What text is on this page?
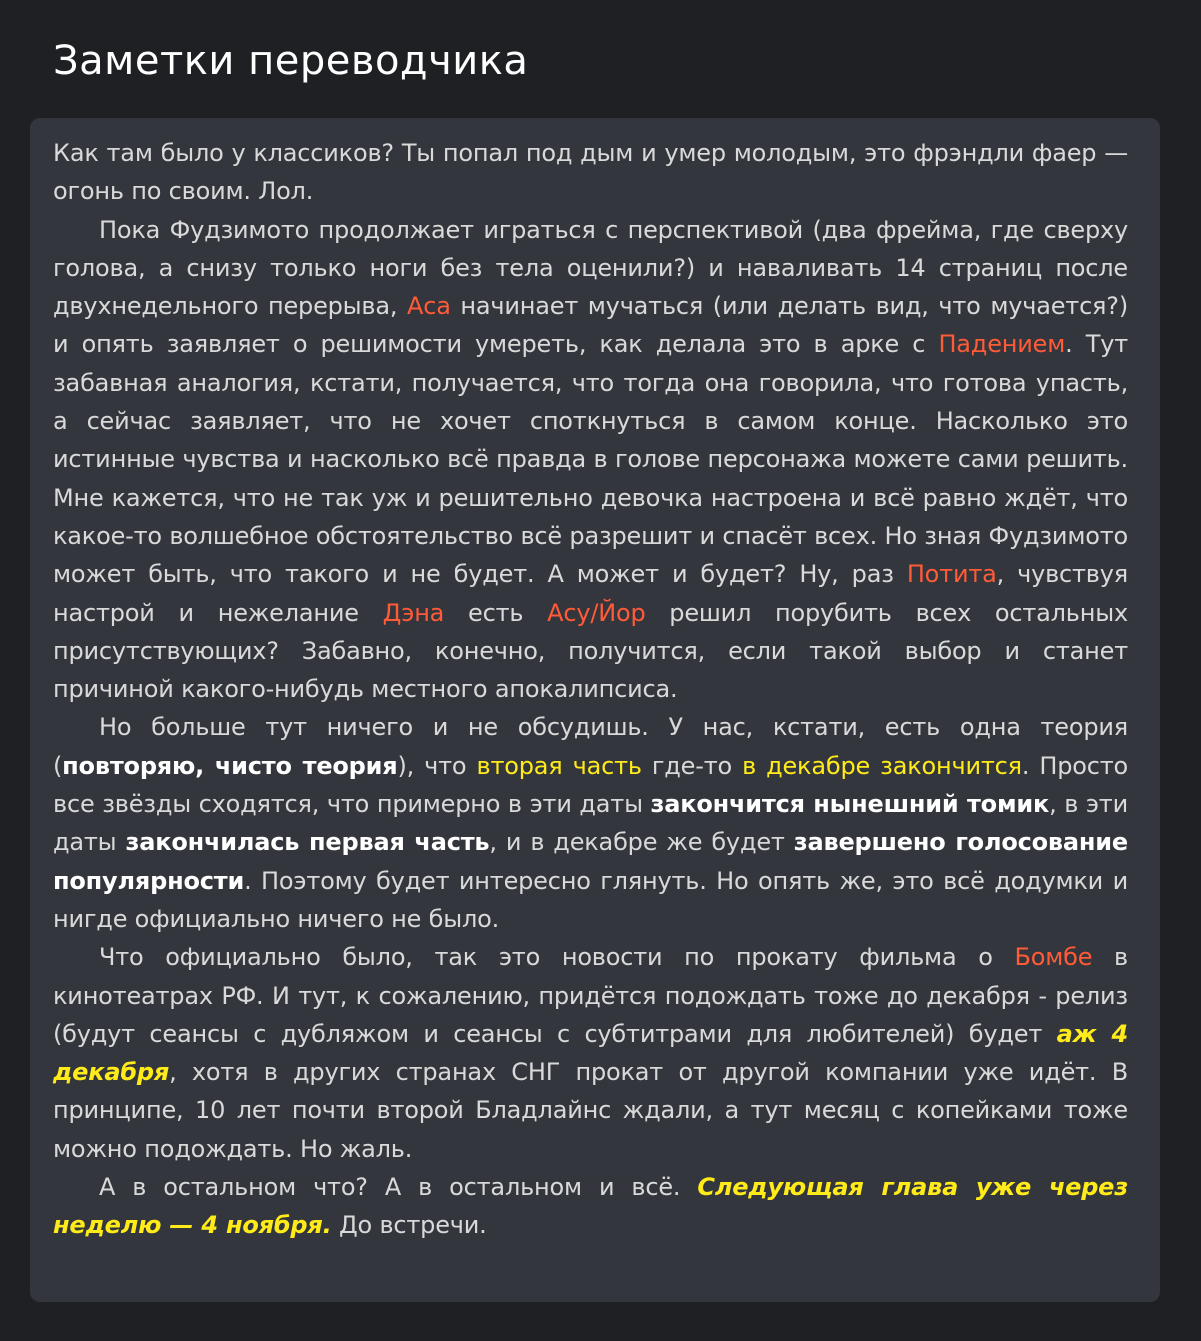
Заметки переводчика

Как там было у классиков? Ты попал под дым и умер молодым, это фрэндли фаер — огонь по своим. Лол.

Пока Фудзимото продолжает играться с перспективой (два фрейма, где сверху голова, а снизу только ноги без тела оценили?) и наваливать 14 страниц после двухнедельного перерыва, Аса начинает мучаться (или делать вид, что мучается?) и опять заявляет о решимости умереть, как делала это в арке с Падением. Тут забавная аналогия, кстати, получается, что тогда она говорила, что готова упасть, а сейчас заявляет, что не хочет споткнуться в самом конце. Насколько это истинные чувства и насколько всё правда в голове персонажа можете сами решить. Мне кажется, что не так уж и решительно девочка настроена и всё равно ждёт, что какое-то волшебное обстоятельство всё разрешит и спасёт всех. Но зная Фудзимото может быть, что такого и не будет. А может и будет? Ну, раз Потита, чувствуя настрой и нежелание Дэна есть Асу/Йор решил порубить всех остальных присутствующих? Забавно, конечно, получится, если такой выбор и станет причиной какого-нибудь местного апокалипсиса.

Но больше тут ничего и не обсудишь. У нас, кстати, есть одна теория (повторяю, чисто теория), что вторая часть где-то в декабре закончится. Просто все звёзды сходятся, что примерно в эти даты закончится нынешний томик, в эти даты закончилась первая часть, и в декабре же будет завершено голосование популярности. Поэтому будет интересно глянуть. Но опять же, это всё додумки и нигде официально ничего не было.

Что официально было, так это новости по прокату фильма о Бомбе в кинотеатрах РФ. И тут, к сожалению, придётся подождать тоже до декабря - релиз (будут сеансы с дубляжом и сеансы с субтитрами для любителей) будет аж 4 декабря, хотя в других странах СНГ прокат от другой компании уже идёт. В принципе, 10 лет почти второй Бладлайнс ждали, а тут месяц с копейками тоже можно подождать. Но жаль.

А в остальном что? А в остальном и всё. Следующая глава уже через неделю — 4 ноября. До встречи.
